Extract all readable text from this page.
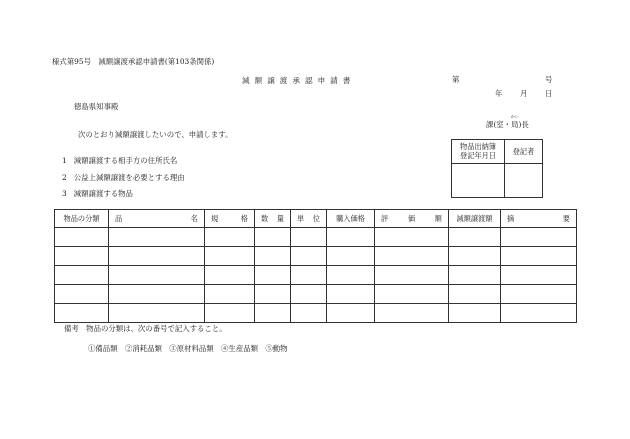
様式第95号　減額譲渡承認申請書(第103条関係)
減額譲渡承認申請書	第	号
年 月 日
徳島県知事殿
課(室・
かい
局)長
次のとおり減額譲渡したいので、申請します。
1 減額譲渡する相手方の住所氏名
2 公益上減額譲渡を必要とする理由
3 減額譲渡する物品
物品出納簿
登記年月日	登記者

物品の分類	品 名	規 格	数 量	単 位	購入価格	評 価 額	減額譲渡額	摘 要

備考　物品の分類は、次の番号で記入すること。
①備品類　②消耗品類　③原材料品類　④生産品類　⑤動物
